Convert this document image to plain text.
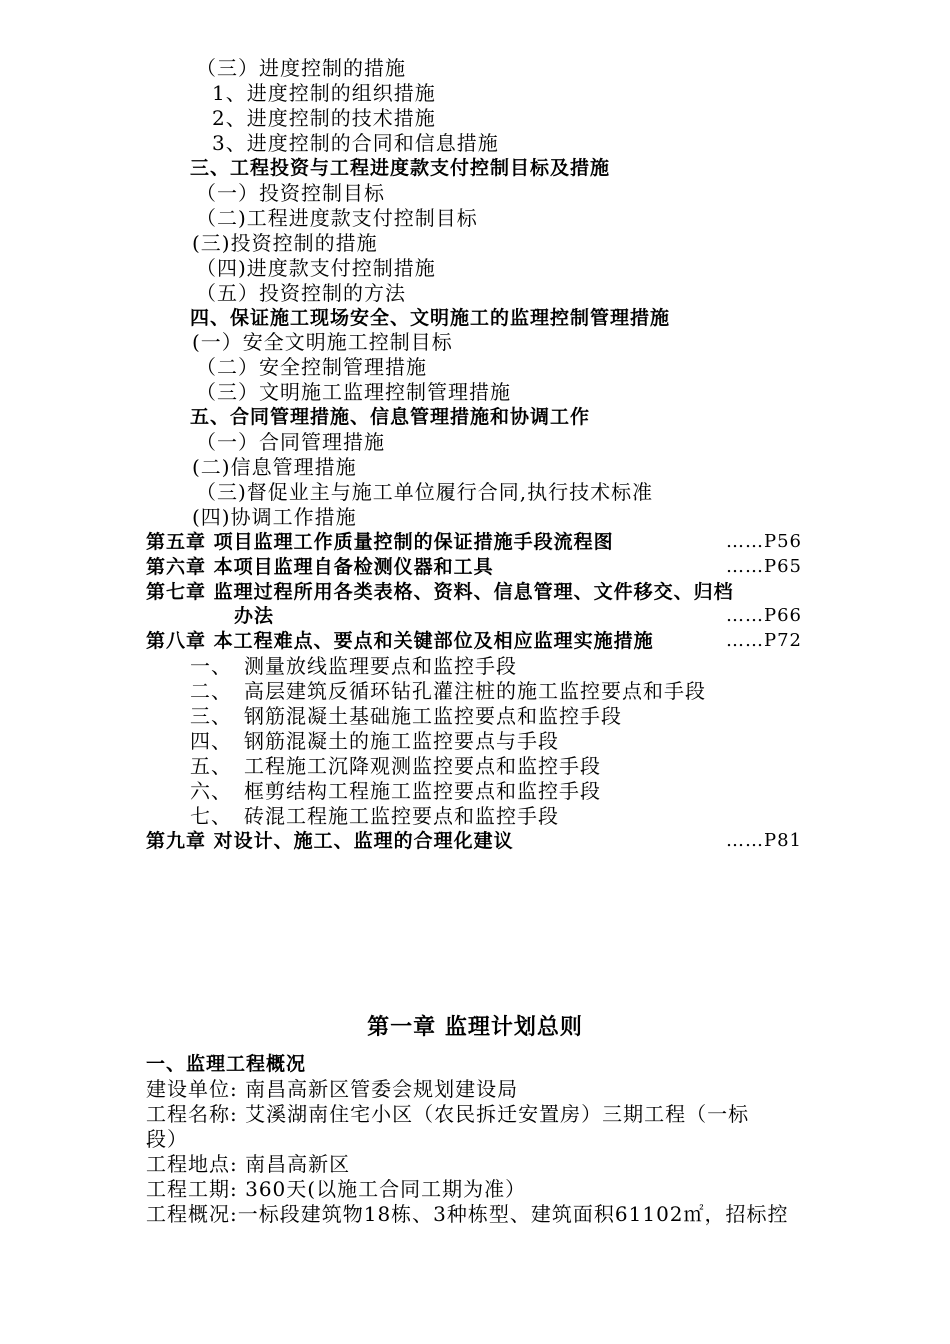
（三）进度控制的措施
1、进度控制的组织措施
2、进度控制的技术措施
3、进度控制的合同和信息措施
三、工程投资与工程进度款支付控制目标及措施
（一）投资控制目标
（二)工程进度款支付控制目标
(三)投资控制的措施
（四)进度款支付控制措施
（五）投资控制的方法
四、保证施工现场安全、文明施工的监理控制管理措施
(一）安全文明施工控制目标
（二）安全控制管理措施
（三）文明施工监理控制管理措施
五、合同管理措施、信息管理措施和协调工作
（一）合同管理措施
(二)信息管理措施
（三)督促业主与施工单位履行合同,执行技术标准
(四)协调工作措施
第五章 项目监理工作质量控制的保证措施手段流程图	……P56
第六章 本项目监理自备检测仪器和工具	……P65
第七章 监理过程所用各类表格、资料、信息管理、文件移交、归档
办法	……P66
第八章 本工程难点、要点和关键部位及相应监理实施措施	……P72
一、 测量放线监理要点和监控手段
二、 高层建筑反循环钻孔灌注桩的施工监控要点和手段
三、 钢筋混凝土基础施工监控要点和监控手段
四、 钢筋混凝土的施工监控要点与手段
五、 工程施工沉降观测监控要点和监控手段
六、 框剪结构工程施工监控要点和监控手段
七、 砖混工程施工监控要点和监控手段
第九章 对设计、施工、监理的合理化建议	……P81
第一章 监理计划总则
一、监理工程概况
建设单位: 南昌高新区管委会规划建设局
工程名称: 艾溪湖南住宅小区（农民拆迁安置房）三期工程（一标
段）
工程地点: 南昌高新区
工程工期: 360天(以施工合同工期为准）
工程概况:一标段建筑物18栋、3种栋型、建筑面积61102㎡，招标控
